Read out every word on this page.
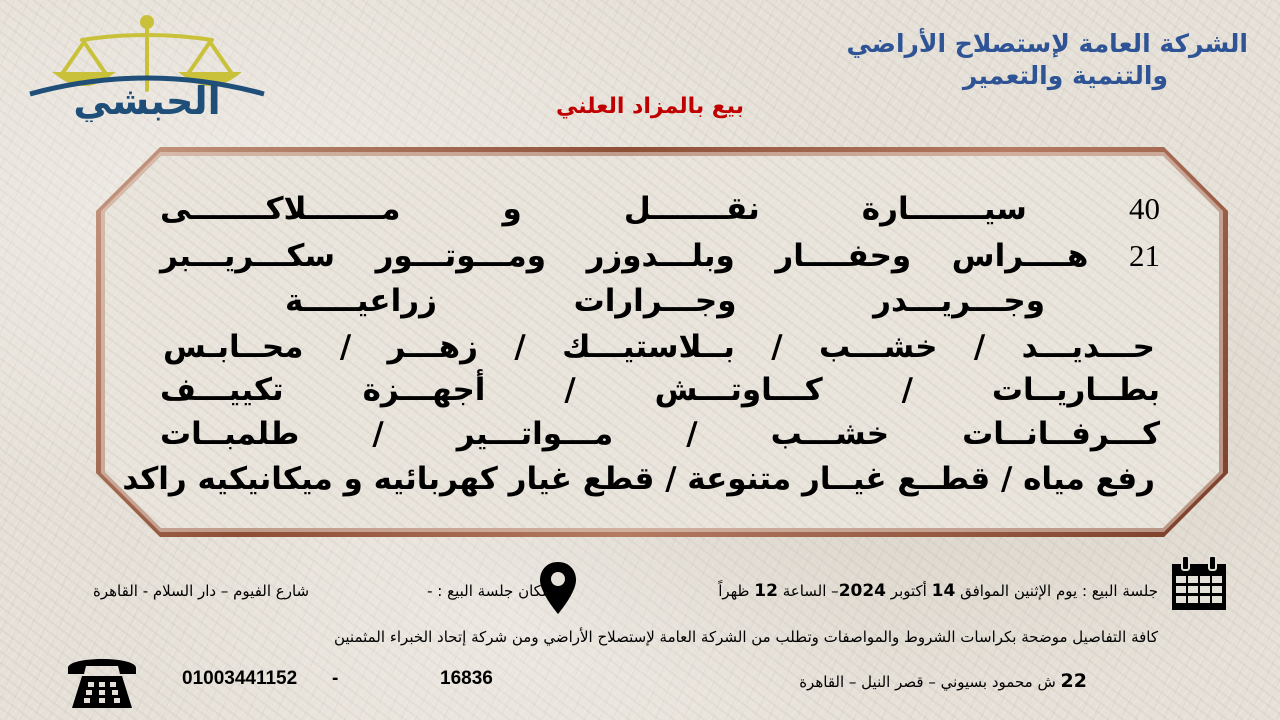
الحبشي
الشركة العامة لإستصلاح الأراضي
والتنمية والتعمير
بيع بالمزاد العلني
40 سيـــــــارة نقـــــــل و مـــــــلاكـــــــى
21 هــــراس وحفــــار وبلـــدوزر ومـــوتـــور سكـــريـــبر
وجـــريـــدر وجـــرارات زراعيـــــة
حـــديـــد / خشـــب / بــلاستيـــك / زهـــر / محــابـس
بطــاريــات / كـــاوتـــش / أجهـــزة تكييـــف
كـــرفــانــات خشـــب / مـــواتـــير / طلمبــات
رفع مياه / قطــع غيــار متنوعة / قطع غيار كهربائيه و ميكانيكيه راكد
جلسة البيع : يوم الإثنين الموافق 14 أكتوبر 2024– الساعة 12 ظهراً
مكان جلسة البيع : -
شارع الفيوم – دار السلام - القاهرة
كافة التفاصيل موضحة بكراسات الشروط والمواصفات وتطلب من الشركة العامة لإستصلاح الأراضي ومن شركة إتحاد الخبراء المثمنين
22 ش محمود بسيوني – قصر النيل – القاهرة
16836
-
01003441152
